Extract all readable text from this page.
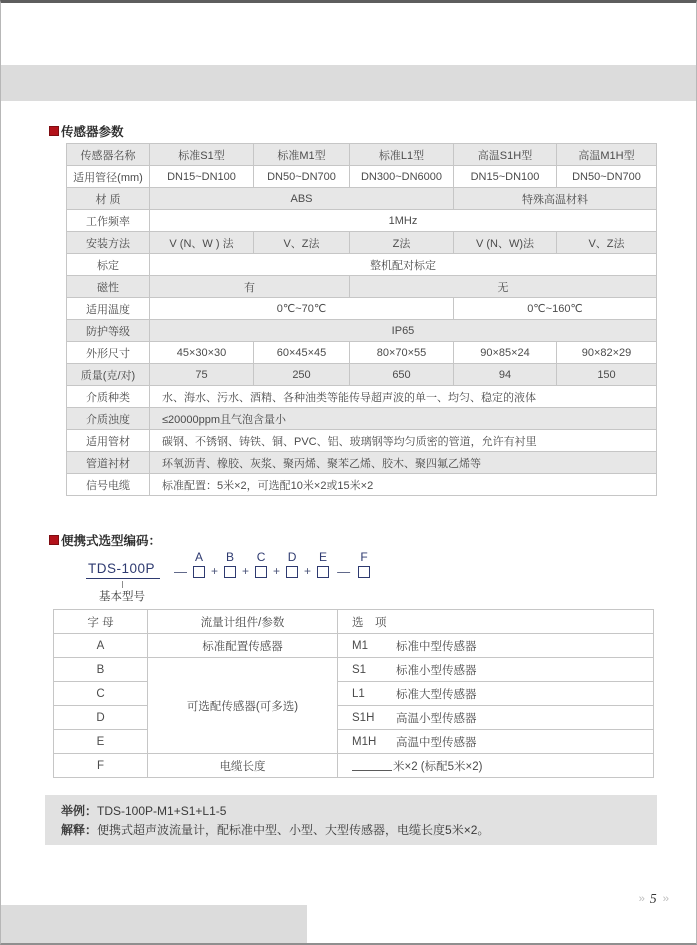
传感器参数
传感器名称	标准S1型	标准M1型	标准L1型	高温S1H型	高温M1H型
适用管径(mm)	DN15~DN100	DN50~DN700	DN300~DN6000	DN15~DN100	DN50~DN700
材 质	ABS			特殊高温材料	
工作频率	1MHz				
安装方法	V (N、W ) 法	V、Z法	Z法	V (N、W)法	V、Z法
标定	整机配对标定				
磁性	有		无		
适用温度	0℃~70℃			0℃~160℃	
防护等级	IP65				
外形尺寸	45×30×30	60×45×45	80×70×55	90×85×24	90×82×29
质量(克/对)	75	250	650	94	150
介质种类	水、海水、污水、酒精、各种油类等能传导超声波的单一、均匀、稳定的液体				
介质浊度	≤20000ppm且气泡含量小				
适用管材	碳钢、不锈钢、铸铁、铜、PVC、铝、玻璃钢等均匀质密的管道，允许有衬里				
管道衬材	环氧沥青、橡胶、灰浆、聚丙烯、聚苯乙烯、胶木、聚四氟乙烯等				
信号电缆	标准配置：5米×2，可选配10米×2或15米×2				
便携式选型编码：
TDS-100P
基本型号
—
A
+
B
+
C
+
D
+
E
—
F
字 母	流量计组件/参数	选　项
A	标准配置传感器	M1 标准中型传感器

B	可选配传感器(可多选)	S1 标准小型传感器

C		L1 标准大型传感器

D		S1H 高温小型传感器

E		M1H 高温中型传感器

F	电缆长度	米×2 (标配5米×2)
举例：TDS-100P-M1+S1+L1-5
解释：便携式超声波流量计，配标准中型、小型、大型传感器，电缆长度5米×2。
›› 5 ››
